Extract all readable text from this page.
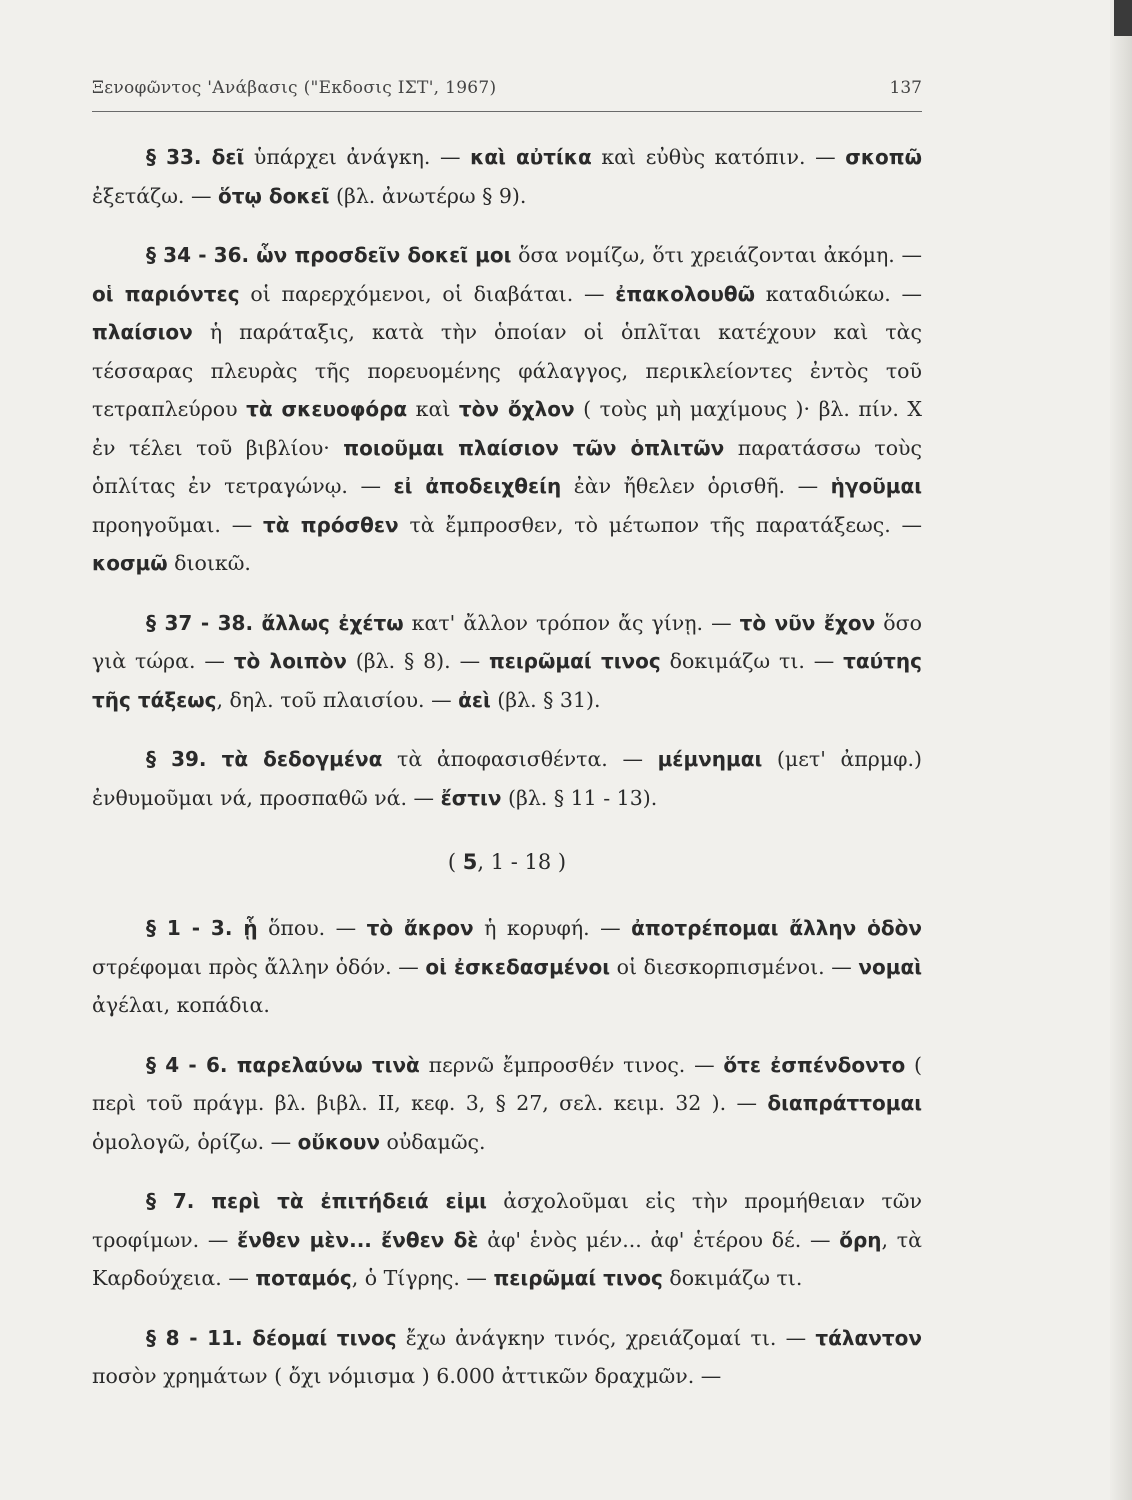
Ξενοφῶντος 'Ανάβασις ("Εκδοσις ΙΣΤ', 1967)	137

§ 33. δεῖ ὑπάρχει ἀνάγκη. — καὶ αὐτίκα καὶ εὐθὺς κατόπιν. — σκοπῶ ἐξετάζω. — ὅτῳ δοκεῖ (βλ. ἀνωτέρω § 9).

§ 34 - 36. ὧν προσδεῖν δοκεῖ μοι ὅσα νομίζω, ὅτι χρειάζονται ἀκόμη. — οἱ παριόντες οἱ παρερχόμενοι, οἱ διαβάται. — ἐπακολουθῶ καταδιώκω. — πλαίσιον ἡ παράταξις, κατὰ τὴν ὁποίαν οἱ ὁπλῖται κατέχουν καὶ τὰς τέσσαρας πλευρὰς τῆς πορευομένης φάλαγγος, περικλείοντες ἐντὸς τοῦ τετραπλεύρου τὰ σκευοφόρα καὶ τὸν ὄχλον ( τοὺς μὴ μαχίμους )· βλ. πίν. Χ ἐν τέλει τοῦ βιβλίου· ποιοῦμαι πλαίσιον τῶν ὁπλιτῶν παρατάσσω τοὺς ὁπλίτας ἐν τετραγώνῳ. — εἰ ἀποδειχθείη ἐὰν ἤθελεν ὁρισθῆ. — ἡγοῦμαι προηγοῦμαι. — τὰ πρόσθεν τὰ ἔμπροσθεν, τὸ μέτωπον τῆς παρατάξεως. — κοσμῶ διοικῶ.

§ 37 - 38. ἄλλως ἐχέτω κατ' ἄλλον τρόπον ἄς γίνῃ. — τὸ νῦν ἔχον ὅσο γιὰ τώρα. — τὸ λοιπὸν (βλ. § 8). — πειρῶμαί τινος δοκιμάζω τι. — ταύτης τῆς τάξεως, δηλ. τοῦ πλαισίου. — ἀεὶ (βλ. § 31).

§ 39. τὰ δεδογμένα τὰ ἀποφασισθέντα. — μέμνημαι (μετ' ἀπρμφ.) ἐνθυμοῦμαι νά, προσπαθῶ νά. — ἔστιν (βλ. § 11 - 13).

( 5, 1 - 18 )

§ 1 - 3. ᾗ ὅπου. — τὸ ἄκρον ἡ κορυφή. — ἀποτρέπομαι ἄλλην ὁδὸν στρέφομαι πρὸς ἄλλην ὁδόν. — οἱ ἐσκεδασμένοι οἱ διεσκορπισμένοι. — νομαὶ ἀγέλαι, κοπάδια.

§ 4 - 6. παρελαύνω τινὰ περνῶ ἔμπροσθέν τινος. — ὅτε ἐσπένδοντο ( περὶ τοῦ πράγμ. βλ. βιβλ. II, κεφ. 3, § 27, σελ. κειμ. 32 ). — διαπράττομαι ὁμολογῶ, ὁρίζω. — οὔκουν οὐδαμῶς.

§ 7. περὶ τὰ ἐπιτήδειά εἰμι ἀσχολοῦμαι εἰς τὴν προμήθειαν τῶν τροφίμων. — ἔνθεν μὲν... ἔνθεν δὲ ἀφ' ἑνὸς μέν... ἀφ' ἑτέρου δέ. — ὄρη, τὰ Καρδούχεια. — ποταμός, ὁ Τίγρης. — πειρῶμαί τινος δοκιμάζω τι.

§ 8 - 11. δέομαί τινος ἔχω ἀνάγκην τινός, χρειάζομαί τι. — τάλαντον ποσὸν χρημάτων ( ὄχι νόμισμα ) 6.000 ἀττικῶν δραχμῶν. —
